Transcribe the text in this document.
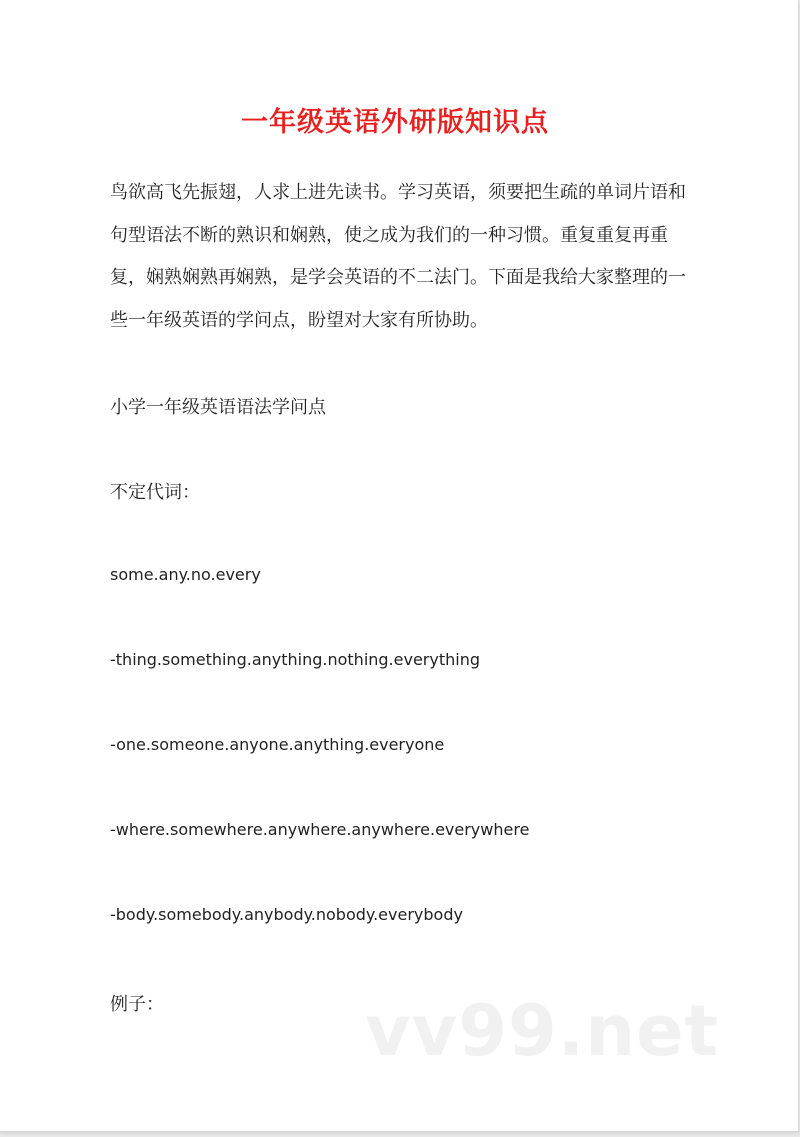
一年级英语外研版知识点

鸟欲高飞先振翅，人求上进先读书。学习英语，须要把生疏的单词片语和句型语法不断的熟识和娴熟，使之成为我们的一种习惯。重复重复再重复，娴熟娴熟再娴熟，是学会英语的不二法门。下面是我给大家整理的一些一年级英语的学问点，盼望对大家有所协助。

小学一年级英语语法学问点

不定代词：

some.any.no.every

-thing.something.anything.nothing.everything

-one.someone.anyone.anything.everyone

-where.somewhere.anywhere.anywhere.everywhere

-body.somebody.anybody.nobody.everybody

例子：	vv99.net
